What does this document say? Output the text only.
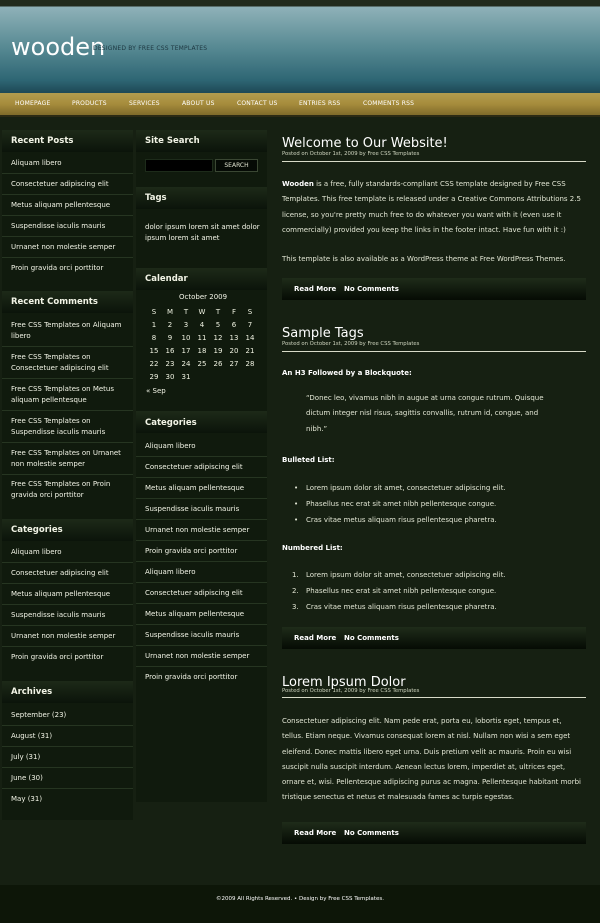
wooden
DESIGNED BY FREE CSS TEMPLATES
HOMEPAGE	PRODUCTS	SERVICES	ABOUT US	CONTACT US	ENTRIES RSS	COMMENTS RSS
Recent Posts
Aliquam libero
Consectetuer adipiscing elit
Metus aliquam pellentesque
Suspendisse iaculis mauris
Urnanet non molestie semper
Proin gravida orci porttitor
Recent Comments
Free CSS Templates on Aliquam libero
Free CSS Templates on Consectetuer adipiscing elit
Free CSS Templates on Metus aliquam pellentesque
Free CSS Templates on Suspendisse iaculis mauris
Free CSS Templates on Urnanet non molestie semper
Free CSS Templates on Proin gravida orci porttitor
Categories
Aliquam libero
Consectetuer adipiscing elit
Metus aliquam pellentesque
Suspendisse iaculis mauris
Urnanet non molestie semper
Proin gravida orci porttitor
Archives
September (23)
August (31)
July (31)
June (30)
May (31)
Site Search
SEARCH
Tags
dolor ipsum lorem sit amet dolor
ipsum lorem sit amet
Calendar
October 2009
S	M	T	W	T	F	S
1	2	3	4	5	6	7
8	9	10	11	12	13	14
15	16	17	18	19	20	21
22	23	24	25	26	27	28
29	30	31
« Sep
Categories
Aliquam libero
Consectetuer adipiscing elit
Metus aliquam pellentesque
Suspendisse iaculis mauris
Urnanet non molestie semper
Proin gravida orci porttitor
Aliquam libero
Consectetuer adipiscing elit
Metus aliquam pellentesque
Suspendisse iaculis mauris
Urnanet non molestie semper
Proin gravida orci porttitor
Welcome to Our Website!
Posted on October 1st, 2009 by Free CSS Templates
Wooden is a free, fully standards-compliant CSS template designed by Free CSS
Templates. This free template is released under a Creative Commons Attributions 2.5
license, so you're pretty much free to do whatever you want with it (even use it
commercially) provided you keep the links in the footer intact. Have fun with it :)
This template is also available as a WordPress theme at Free WordPress Themes.
Read More No Comments
Sample Tags
Posted on October 1st, 2009 by Free CSS Templates
An H3 Followed by a Blockquote:
“Donec leo, vivamus nibh in augue at urna congue rutrum. Quisque
dictum integer nisl risus, sagittis convallis, rutrum id, congue, and
nibh.”
Bulleted List:
• Lorem ipsum dolor sit amet, consectetuer adipiscing elit.
• Phasellus nec erat sit amet nibh pellentesque congue.
• Cras vitae metus aliquam risus pellentesque pharetra.
Numbered List:
1. Lorem ipsum dolor sit amet, consectetuer adipiscing elit.
2. Phasellus nec erat sit amet nibh pellentesque congue.
3. Cras vitae metus aliquam risus pellentesque pharetra.
Read More No Comments
Lorem Ipsum Dolor
Posted on October 1st, 2009 by Free CSS Templates
Consectetuer adipiscing elit. Nam pede erat, porta eu, lobortis eget, tempus et,
tellus. Etiam neque. Vivamus consequat lorem at nisl. Nullam non wisi a sem eget
eleifend. Donec mattis libero eget urna. Duis pretium velit ac mauris. Proin eu wisi
suscipit nulla suscipit interdum. Aenean lectus lorem, imperdiet at, ultrices eget,
ornare et, wisi. Pellentesque adipiscing purus ac magna. Pellentesque habitant morbi
tristique senectus et netus et malesuada fames ac turpis egestas.
Read More No Comments
©2009 All Rights Reserved. • Design by Free CSS Templates.
